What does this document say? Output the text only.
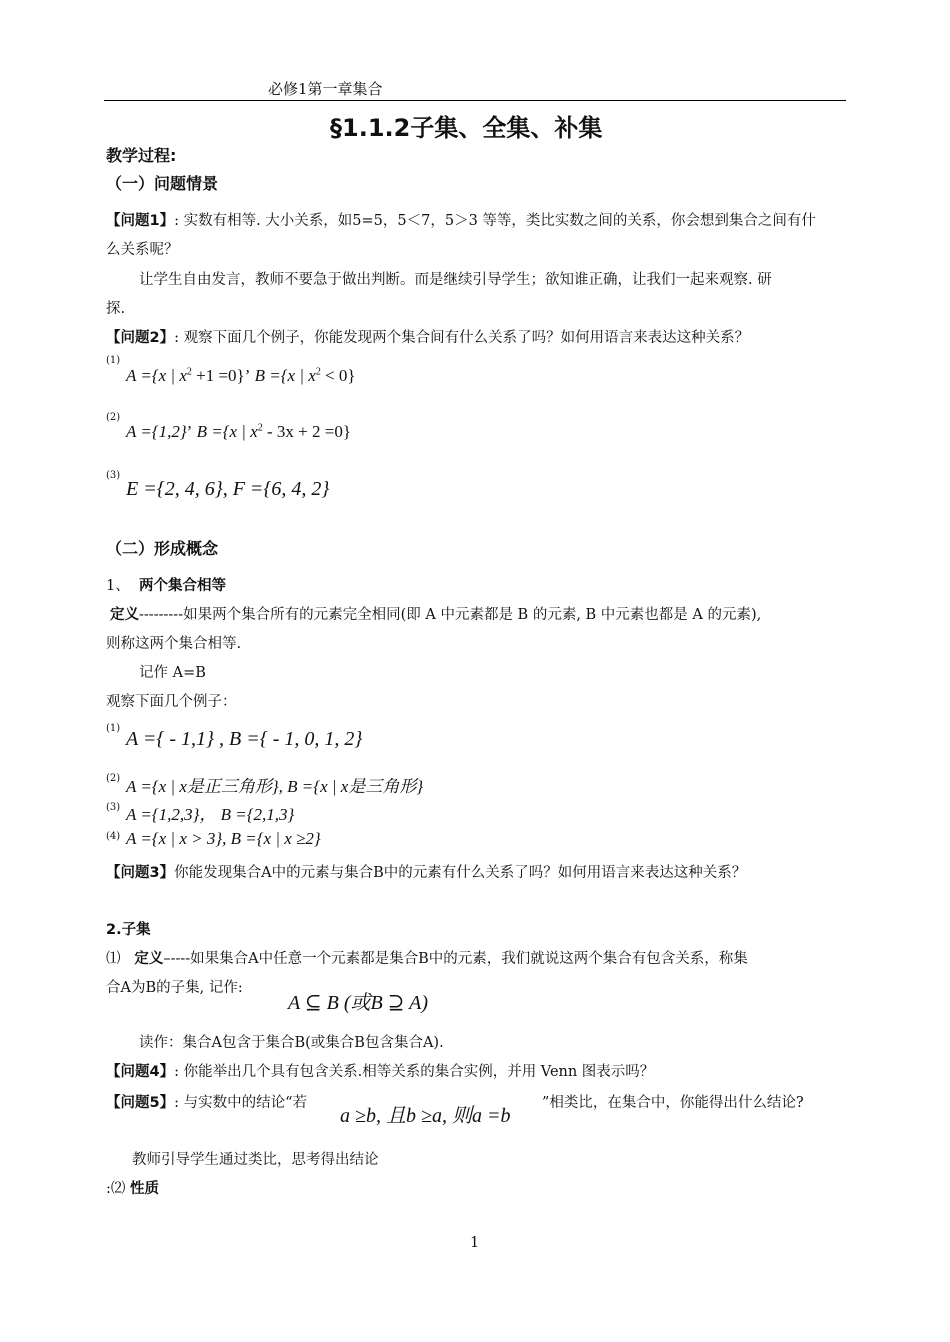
必修1第一章集合
§1.1.2子集、全集、补集
教学过程:
（一）问题情景
【问题1】: 实数有相等. 大小关系，如5=5，5＜7，5＞3 等等，类比实数之间的关系，你会想到集合之间有什
么关系呢？
让学生自由发言，教师不要急于做出判断。而是继续引导学生；欲知谁正确，让我们一起来观察. 研
探.
【问题2】: 观察下面几个例子，你能发现两个集合间有什么关系了吗？如何用语言来表达这种关系？
(1)
A ={x | $x^2 +1 =0$}’ B ={x | $x^2 < 0$}
(2)
A ={1,2}’ B ={x | $x^2 - 3x + 2 =0$}
(3)
E ={2, 4, 6}, F ={6, 4, 2}
（二）形成概念
1、 两个集合相等
定义---------如果两个集合所有的元素完全相同(即 A 中元素都是 B 的元素, B 中元素也都是 A 的元素),
则称这两个集合相等.
记作 A=B
观察下面几个例子：
(1) A ={ - 1,1} , B ={ - 1, 0, 1, 2}
(2) A ={x | x是正三角形}, B ={x | x是三角形}
(3) A ={1,2,3}， B ={2,1,3}
(4) A ={x | x > 3}, B ={x | x ≥2}
【问题3】你能发现集合A中的元素与集合B中的元素有什么关系了吗？如何用语言来表达这种关系？
2.子集
⑴ 定义–----如果集合A中任意一个元素都是集合B中的元素，我们就说这两个集合有包含关系，称集
合A为B的子集, 记作:
A ⊆ B (或B ⊇ A)
读作：集合A包含于集合B(或集合B包含集合A).
【问题4】: 你能举出几个具有包含关系.相等关系的集合实例，并用 Venn 图表示吗？
【问题5】: 与实数中的结论“若
a ≥b, 且b ≥a, 则a =b
”相类比，在集合中，你能得出什么结论?
教师引导学生通过类比，思考得出结论
:⑵ 性质
1
